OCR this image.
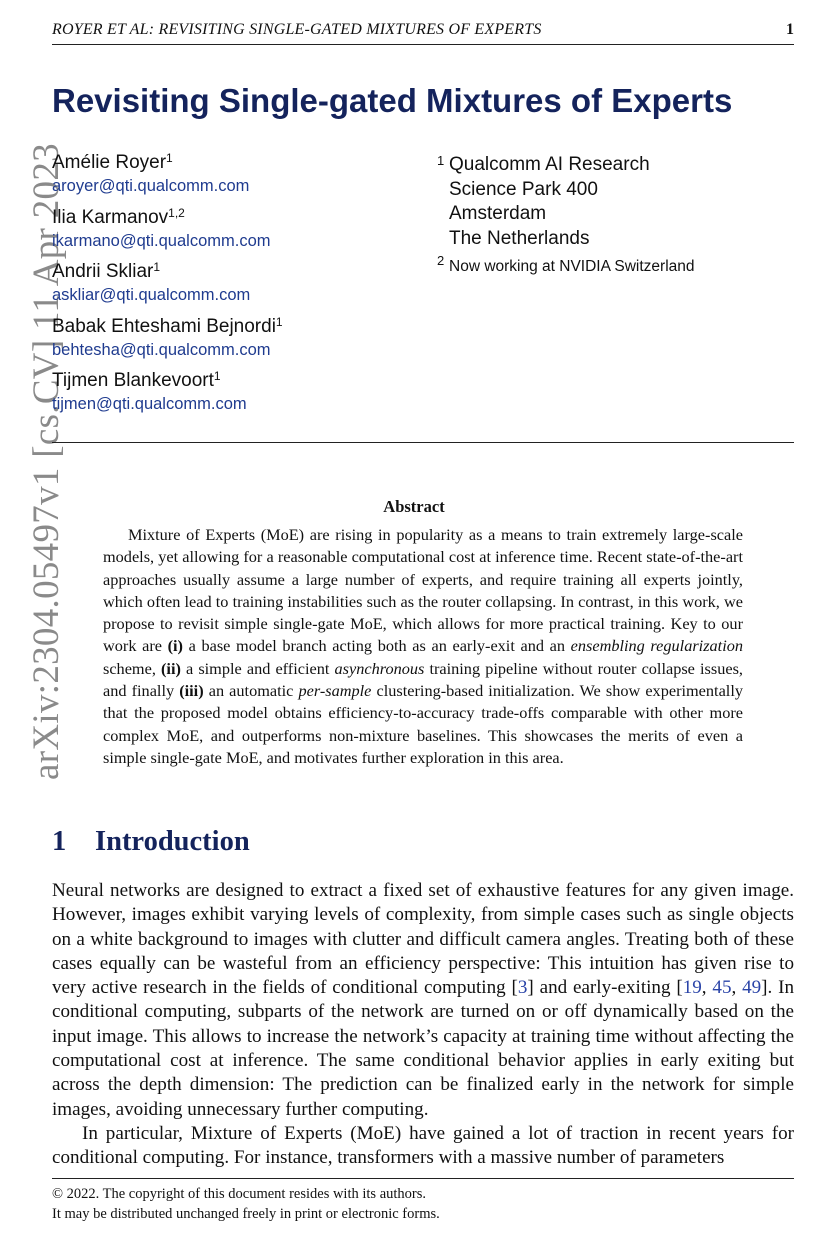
ROYER ET AL: REVISITING SINGLE-GATED MIXTURES OF EXPERTS	1
arXiv:2304.05497v1 [cs.CV] 11 Apr 2023
Revisiting Single-gated Mixtures of Experts
Amélie Royer$^1$
aroyer@qti.qualcomm.com
Ilia Karmanov$^{1,2}$
ikarmano@qti.qualcomm.com
Andrii Skliar$^1$
askliar@qti.qualcomm.com
Babak Ehteshami Bejnordi$^1$
behtesha@qti.qualcomm.com
Tijmen Blankevoort$^1$
tijmen@qti.qualcomm.com
1 Qualcomm AI Research
Science Park 400
Amsterdam
The Netherlands
2 Now working at NVIDIA Switzerland
Abstract
Mixture of Experts (MoE) are rising in popularity as a means to train extremely large-scale models, yet allowing for a reasonable computational cost at inference time. Recent state-of-the-art approaches usually assume a large number of experts, and require training all experts jointly, which often lead to training instabilities such as the router collapsing. In contrast, in this work, we propose to revisit simple single-gate MoE, which allows for more practical training. Key to our work are (i) a base model branch acting both as an early-exit and an ensembling regularization scheme, (ii) a simple and efficient asynchronous training pipeline without router collapse issues, and finally (iii) an automatic per-sample clustering-based initialization. We show experimentally that the proposed model obtains efficiency-to-accuracy trade-offs comparable with other more complex MoE, and outperforms non-mixture baselines. This showcases the merits of even a simple single-gate MoE, and motivates further exploration in this area.
1 Introduction

Neural networks are designed to extract a fixed set of exhaustive features for any given image. However, images exhibit varying levels of complexity, from simple cases such as single objects on a white background to images with clutter and difficult camera angles. Treating both of these cases equally can be wasteful from an efficiency perspective: This intuition has given rise to very active research in the fields of conditional computing [3] and early-exiting [19, 45, 49]. In conditional computing, subparts of the network are turned on or off dynamically based on the input image. This allows to increase the network’s capacity at training time without affecting the computational cost at inference. The same conditional behavior applies in early exiting but across the depth dimension: The prediction can be finalized early in the network for simple images, avoiding unnecessary further computing.

In particular, Mixture of Experts (MoE) have gained a lot of traction in recent years for conditional computing. For instance, transformers with a massive number of parameters

© 2022. The copyright of this document resides with its authors.
It may be distributed unchanged freely in print or electronic forms.
